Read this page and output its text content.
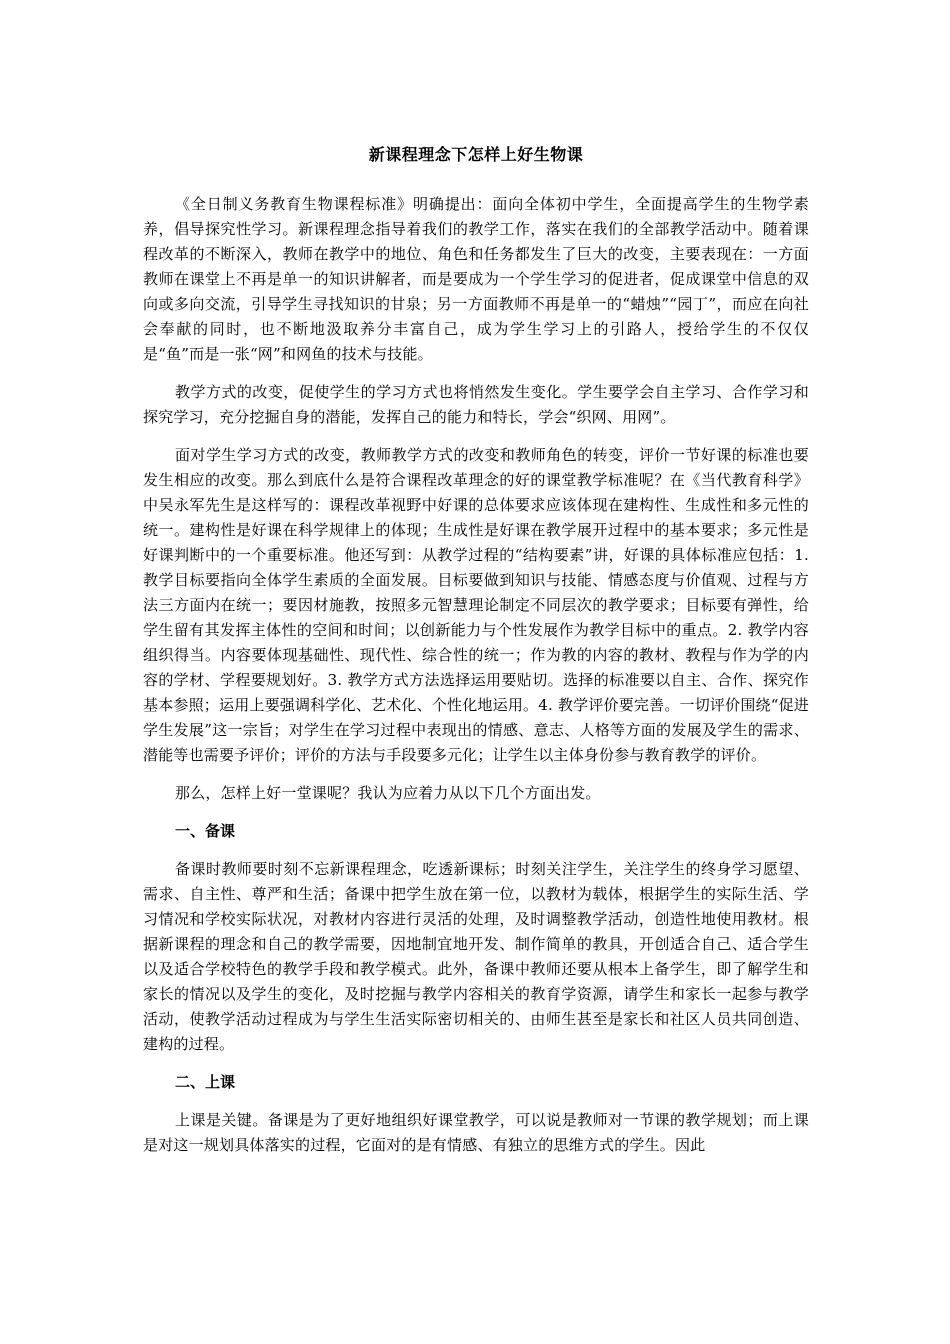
新课程理念下怎样上好生物课

《全日制义务教育生物课程标准》明确提出：面向全体初中学生，全面提高学生的生物学素养，倡导探究性学习。新课程理念指导着我们的教学工作，落实在我们的全部教学活动中。随着课程改革的不断深入，教师在教学中的地位、角色和任务都发生了巨大的改变，主要表现在：一方面教师在课堂上不再是单一的知识讲解者，而是要成为一个学生学习的促进者，促成课堂中信息的双向或多向交流，引导学生寻找知识的甘泉；另一方面教师不再是单一的“蜡烛”“园丁”，而应在向社会奉献的同时，也不断地汲取养分丰富自己，成为学生学习上的引路人，授给学生的不仅仅是“鱼”而是一张“网”和网鱼的技术与技能。

教学方式的改变，促使学生的学习方式也将悄然发生变化。学生要学会自主学习、合作学习和探究学习，充分挖掘自身的潜能，发挥自己的能力和特长，学会“织网、用网”。

面对学生学习方式的改变，教师教学方式的改变和教师角色的转变，评价一节好课的标准也要发生相应的改变。那么到底什么是符合课程改革理念的好的课堂教学标准呢？在《当代教育科学》中吴永军先生是这样写的：课程改革视野中好课的总体要求应该体现在建构性、生成性和多元性的统一。建构性是好课在科学规律上的体现；生成性是好课在教学展开过程中的基本要求；多元性是好课判断中的一个重要标准。他还写到：从教学过程的“结构要素”讲，好课的具体标准应包括：1. 教学目标要指向全体学生素质的全面发展。目标要做到知识与技能、情感态度与价值观、过程与方法三方面内在统一；要因材施教，按照多元智慧理论制定不同层次的教学要求；目标要有弹性，给学生留有其发挥主体性的空间和时间；以创新能力与个性发展作为教学目标中的重点。2. 教学内容组织得当。内容要体现基础性、现代性、综合性的统一；作为教的内容的教材、教程与作为学的内容的学材、学程要规划好。3. 教学方式方法选择运用要贴切。选择的标准要以自主、合作、探究作基本参照；运用上要强调科学化、艺术化、个性化地运用。4. 教学评价要完善。一切评价围绕“促进学生发展”这一宗旨；对学生在学习过程中表现出的情感、意志、人格等方面的发展及学生的需求、潜能等也需要予评价；评价的方法与手段要多元化；让学生以主体身份参与教育教学的评价。

那么，怎样上好一堂课呢？我认为应着力从以下几个方面出发。

一、备课

备课时教师要时刻不忘新课程理念，吃透新课标；时刻关注学生，关注学生的终身学习愿望、需求、自主性、尊严和生活；备课中把学生放在第一位，以教材为载体，根据学生的实际生活、学习情况和学校实际状况，对教材内容进行灵活的处理，及时调整教学活动，创造性地使用教材。根据新课程的理念和自己的教学需要，因地制宜地开发、制作简单的教具，开创适合自己、适合学生以及适合学校特色的教学手段和教学模式。此外，备课中教师还要从根本上备学生，即了解学生和家长的情况以及学生的变化，及时挖掘与教学内容相关的教育学资源，请学生和家长一起参与教学活动，使教学活动过程成为与学生生活实际密切相关的、由师生甚至是家长和社区人员共同创造、建构的过程。

二、上课

上课是关键。备课是为了更好地组织好课堂教学，可以说是教师对一节课的教学规划；而上课是对这一规划具体落实的过程，它面对的是有情感、有独立的思维方式的学生。因此
